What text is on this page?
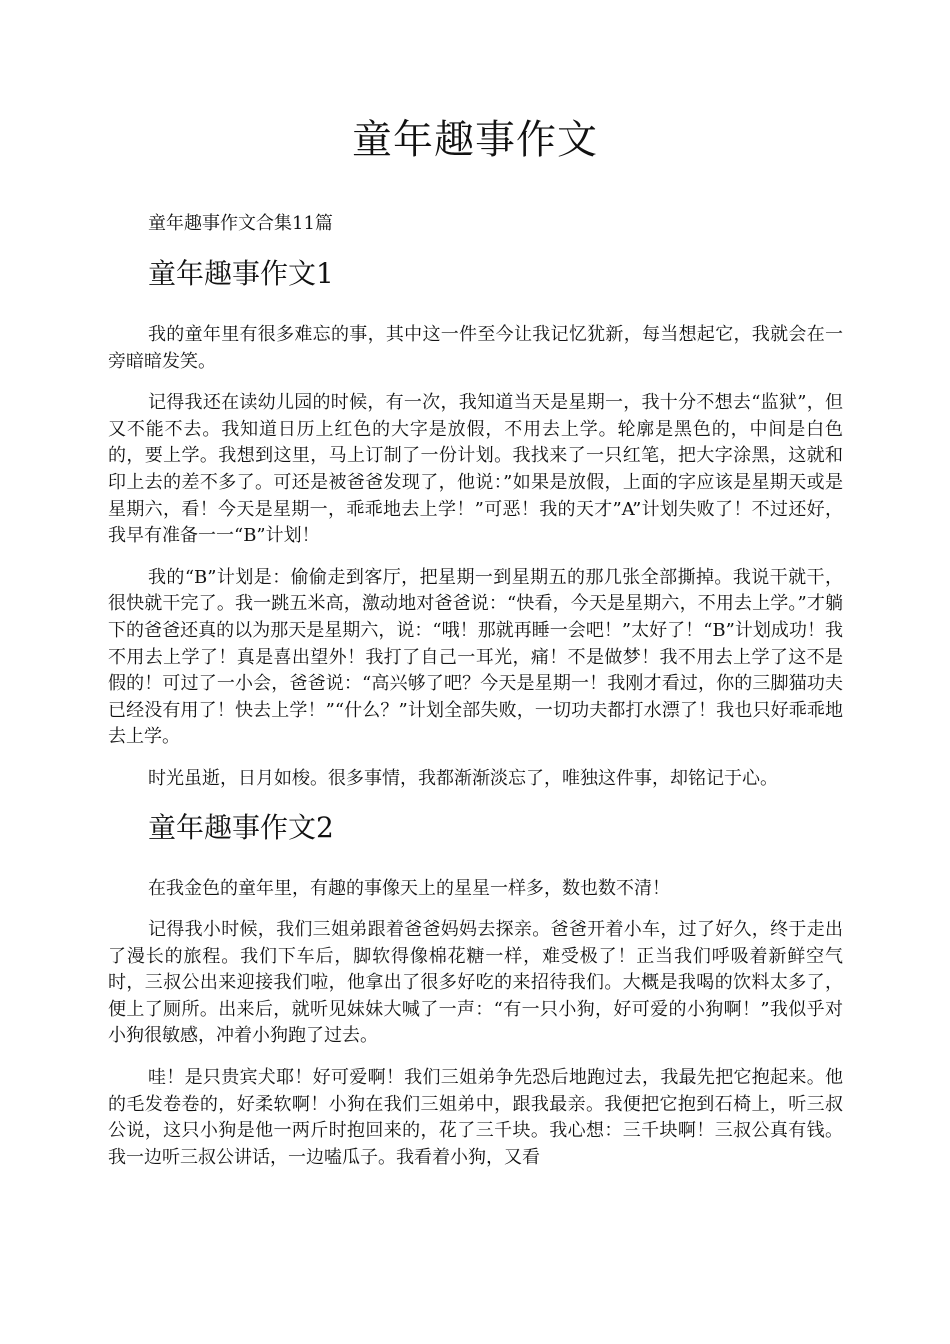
童年趣事作文

童年趣事作文合集11篇

童年趣事作文1

我的童年里有很多难忘的事，其中这一件至今让我记忆犹新，每当想起它，我就会在一旁暗暗发笑。

记得我还在读幼儿园的时候，有一次，我知道当天是星期一，我十分不想去“监狱”，但又不能不去。我知道日历上红色的大字是放假，不用去上学。轮廓是黑色的，中间是白色的，要上学。我想到这里，马上订制了一份计划。我找来了一只红笔，把大字涂黑，这就和印上去的差不多了。可还是被爸爸发现了，他说：”如果是放假，上面的字应该是星期天或是星期六，看！今天是星期一，乖乖地去上学！”可恶！我的天才”A”计划失败了！不过还好，我早有准备一一“B”计划！

我的“B”计划是：偷偷走到客厅，把星期一到星期五的那几张全部撕掉。我说干就干，很快就干完了。我一跳五米高，激动地对爸爸说：“快看，今天是星期六，不用去上学。”才躺下的爸爸还真的以为那天是星期六，说：“哦！那就再睡一会吧！”太好了！“B”计划成功！我不用去上学了！真是喜出望外！我打了自己一耳光，痛！不是做梦！我不用去上学了这不是假的！可过了一小会，爸爸说：“高兴够了吧？今天是星期一！我刚才看过，你的三脚猫功夫已经没有用了！快去上学！”“什么？”计划全部失败，一切功夫都打水漂了！我也只好乖乖地去上学。

时光虽逝，日月如梭。很多事情，我都渐渐淡忘了，唯独这件事，却铭记于心。

童年趣事作文2

在我金色的童年里，有趣的事像天上的星星一样多，数也数不清！

记得我小时候，我们三姐弟跟着爸爸妈妈去探亲。爸爸开着小车，过了好久，终于走出了漫长的旅程。我们下车后，脚软得像棉花糖一样，难受极了！正当我们呼吸着新鲜空气时，三叔公出来迎接我们啦，他拿出了很多好吃的来招待我们。大概是我喝的饮料太多了，便上了厕所。出来后，就听见妹妹大喊了一声：“有一只小狗，好可爱的小狗啊！”我似乎对小狗很敏感，冲着小狗跑了过去。

哇！是只贵宾犬耶！好可爱啊！我们三姐弟争先恐后地跑过去，我最先把它抱起来。他的毛发卷卷的，好柔软啊！小狗在我们三姐弟中，跟我最亲。我便把它抱到石椅上，听三叔公说，这只小狗是他一两斤时抱回来的，花了三千块。我心想：三千块啊！三叔公真有钱。我一边听三叔公讲话，一边嗑瓜子。我看着小狗，又看
